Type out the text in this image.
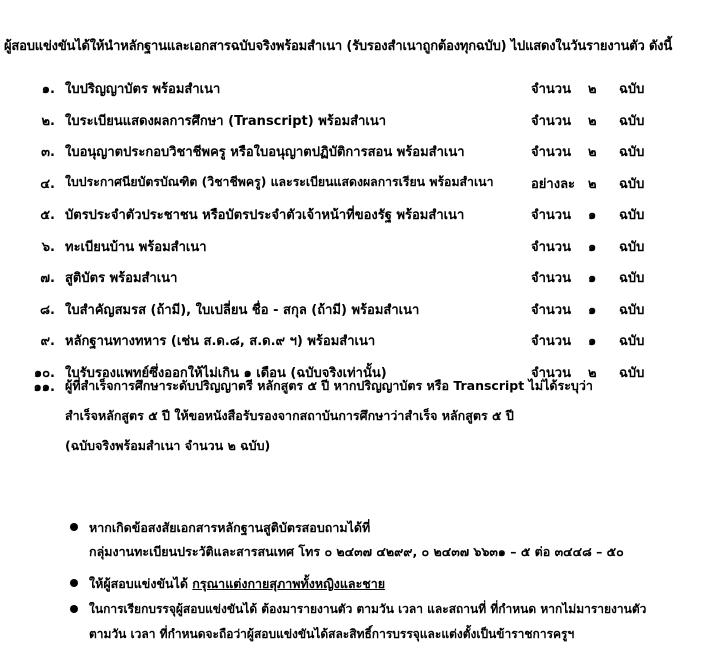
ผู้สอบแข่งขันได้ให้นำหลักฐานและเอกสารฉบับจริงพร้อมสำเนา (รับรองสำเนาถูกต้องทุกฉบับ) ไปแสดงในวันรายงานตัว ดังนี้
๑. ใบปริญญาบัตร พร้อมสำเนา	จำนวน ๒ ฉบับ
๒. ใบระเบียนแสดงผลการศึกษา (Transcript) พร้อมสำเนา	จำนวน ๒ ฉบับ
๓. ใบอนุญาตประกอบวิชาชีพครู หรือใบอนุญาตปฏิบัติการสอน พร้อมสำเนา	จำนวน ๒ ฉบับ
๔. ใบประกาศนียบัตรบัณฑิต (วิชาชีพครู) และระเบียนแสดงผลการเรียน พร้อมสำเนา	อย่างละ ๒ ฉบับ
๕. บัตรประจำตัวประชาชน หรือบัตรประจำตัวเจ้าหน้าที่ของรัฐ พร้อมสำเนา	จำนวน ๑ ฉบับ
๖. ทะเบียนบ้าน พร้อมสำเนา	จำนวน ๑ ฉบับ
๗. สูติบัตร พร้อมสำเนา	จำนวน ๑ ฉบับ
๘. ใบสำคัญสมรส (ถ้ามี), ใบเปลี่ยน ชื่อ - สกุล (ถ้ามี) พร้อมสำเนา	จำนวน ๑ ฉบับ
๙. หลักฐานทางทหาร (เช่น ส.ด.๘, ส.ด.๙ ฯ) พร้อมสำเนา	จำนวน ๑ ฉบับ
๑๐. ใบรับรองแพทย์ซึ่งออกให้ไม่เกิน ๑ เดือน (ฉบับจริงเท่านั้น)	จำนวน ๒ ฉบับ
๑๑. ผู้ที่สำเร็จการศึกษาระดับปริญญาตรี หลักสูตร ๕ ปี หากปริญญาบัตร หรือ Transcript ไม่ได้ระบุว่า
สำเร็จหลักสูตร ๕ ปี ให้ขอหนังสือรับรองจากสถาบันการศึกษาว่าสำเร็จ หลักสูตร ๕ ปี
(ฉบับจริงพร้อมสำเนา จำนวน ๒ ฉบับ)
หากเกิดข้อสงสัยเอกสารหลักฐานสูติบัตรสอบถามได้ที่
กลุ่มงานทะเบียนประวัติและสารสนเทศ โทร ๐ ๒๔๓๗ ๔๒๙๙, ๐ ๒๔๓๗ ๖๖๓๑ – ๕ ต่อ ๓๔๔๘ – ๕๐
ให้ผู้สอบแข่งขันได้ กรุณาแต่งกายสุภาพทั้งหญิงและชาย
ในการเรียกบรรจุผู้สอบแข่งขันได้ ต้องมารายงานตัว ตามวัน เวลา และสถานที่ ที่กำหนด หากไม่มารายงานตัว
ตามวัน เวลา ที่กำหนดจะถือว่าผู้สอบแข่งขันได้สละสิทธิ์การบรรจุและแต่งตั้งเป็นข้าราชการครูฯ
